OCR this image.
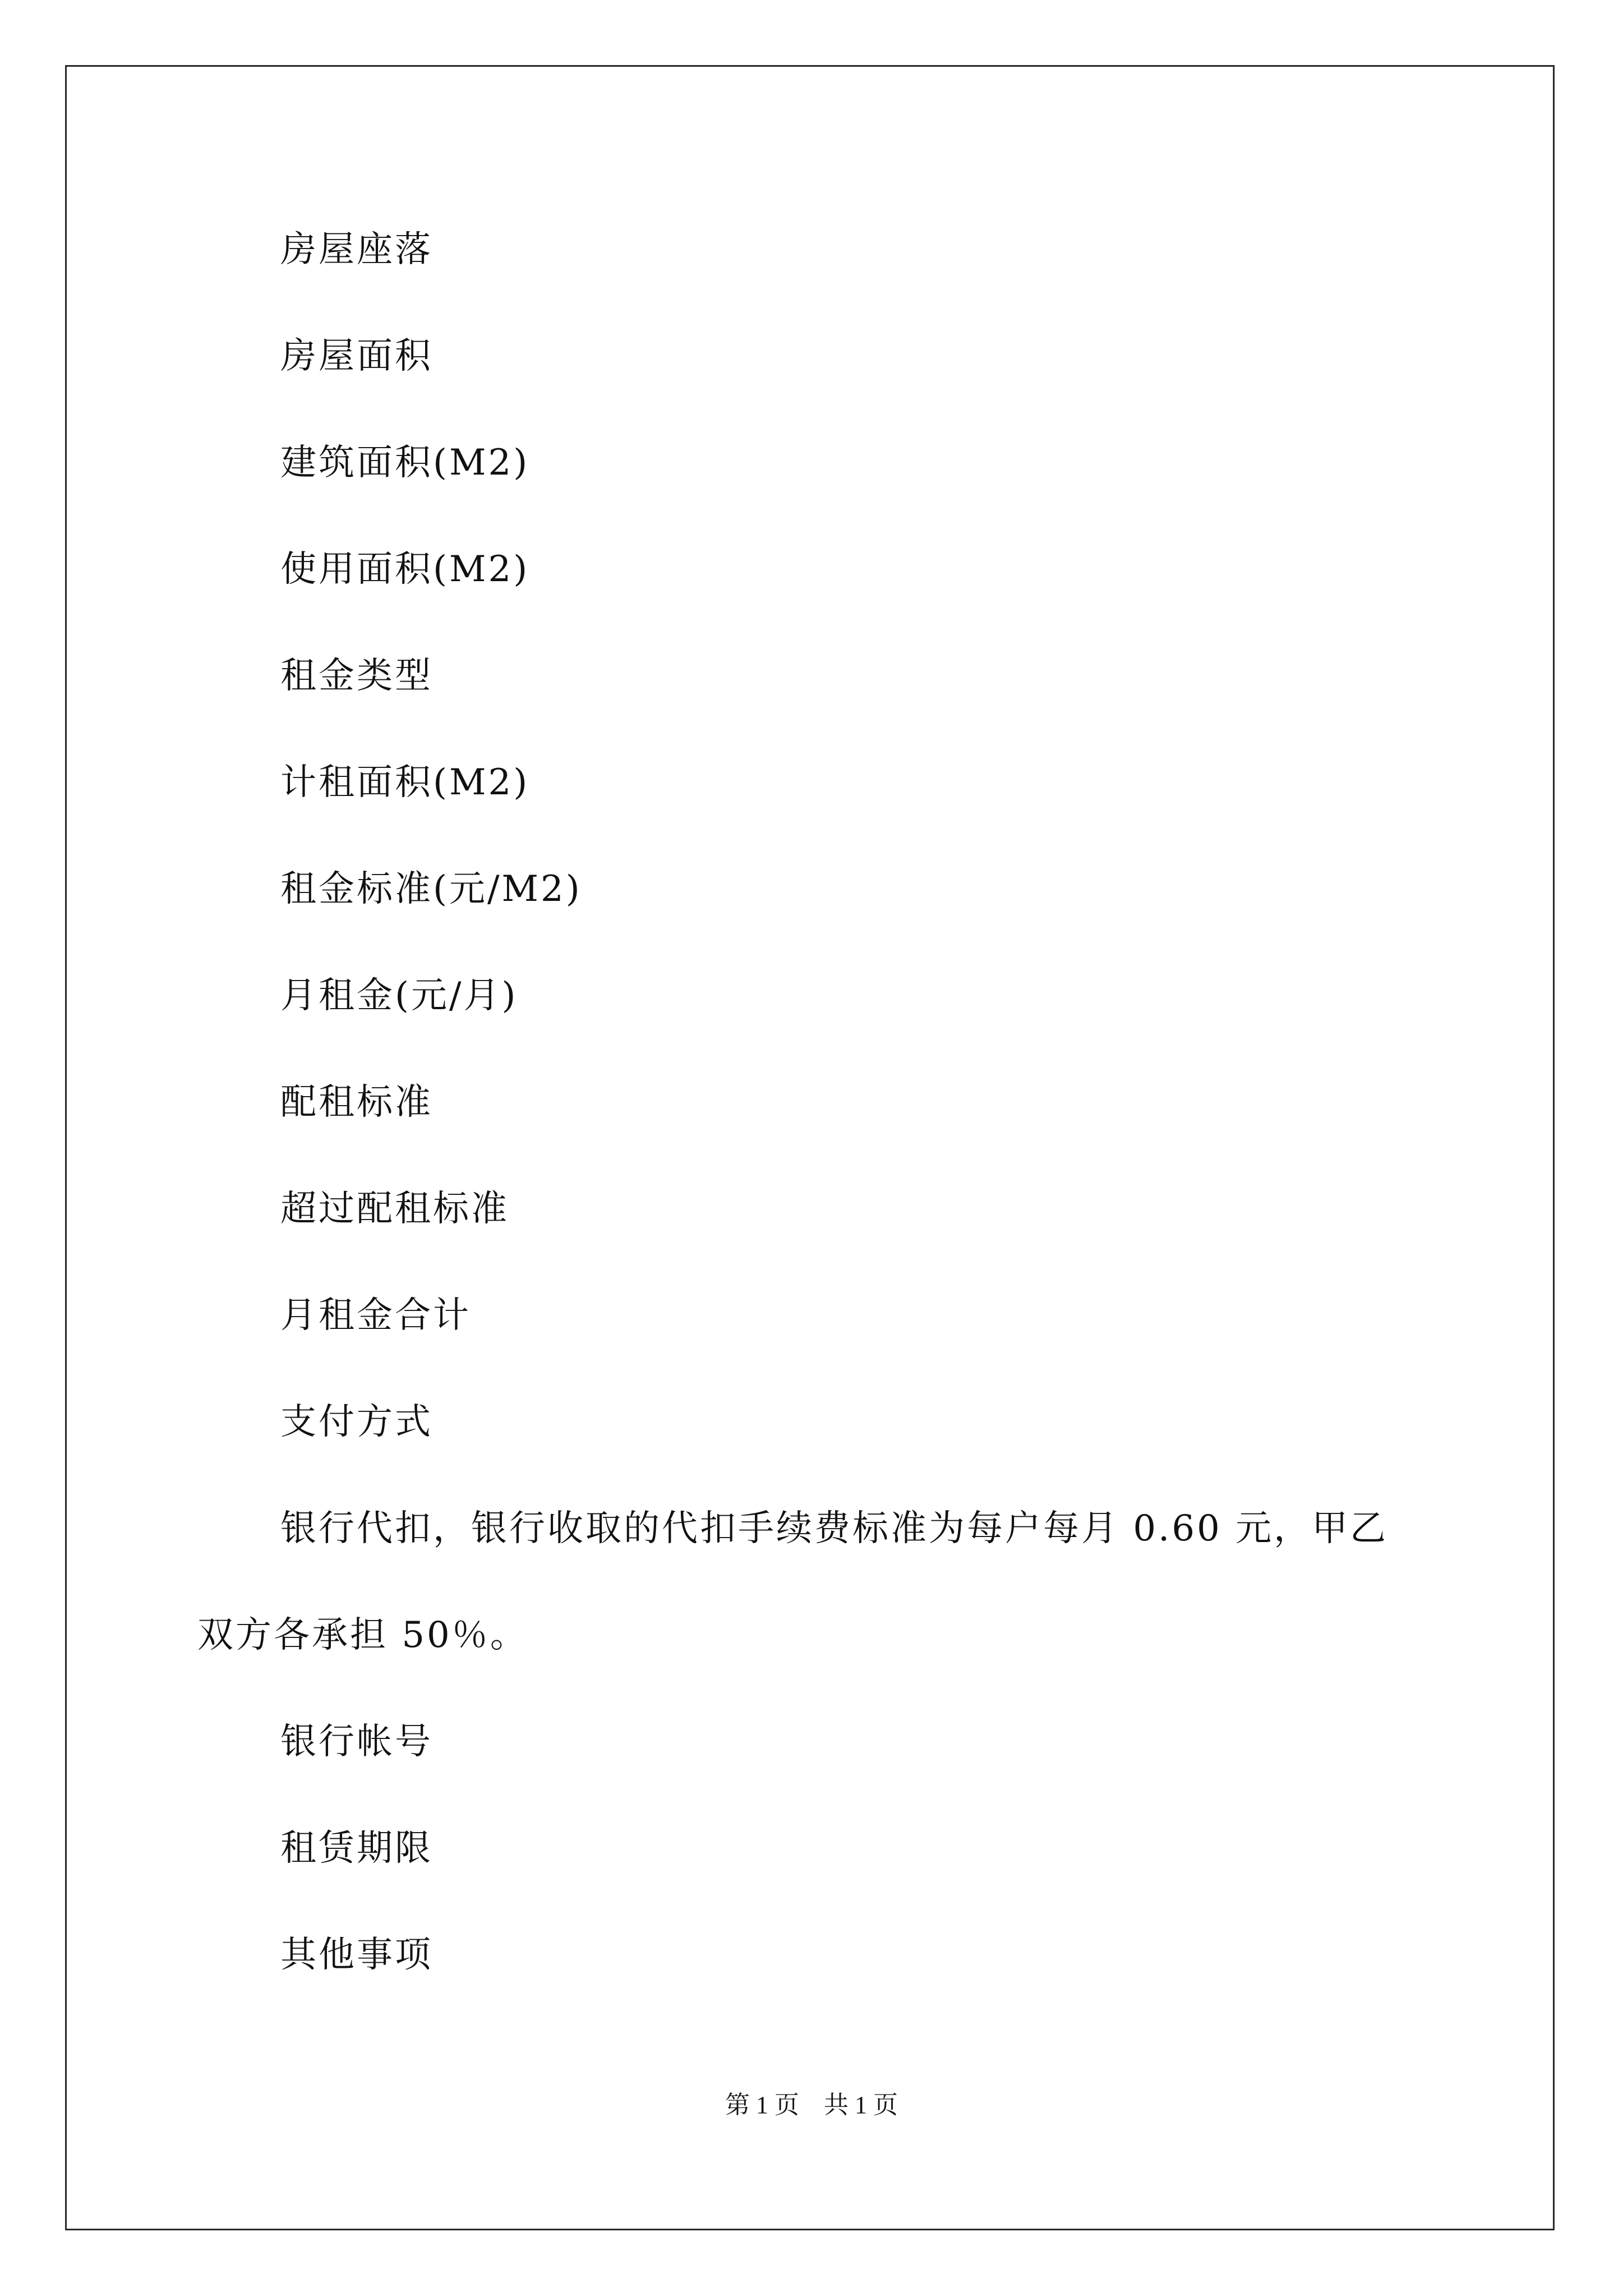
房屋座落
房屋面积
建筑面积(M2)
使用面积(M2)
租金类型
计租面积(M2)
租金标准(元/M2)
月租金(元/月)
配租标准
超过配租标准
月租金合计
支付方式
银行代扣，银行收取的代扣手续费标准为每户每月 0.60 元，甲乙
双方各承担 50％。
银行帐号
租赁期限
其他事项
第 1 页    共 1 页
